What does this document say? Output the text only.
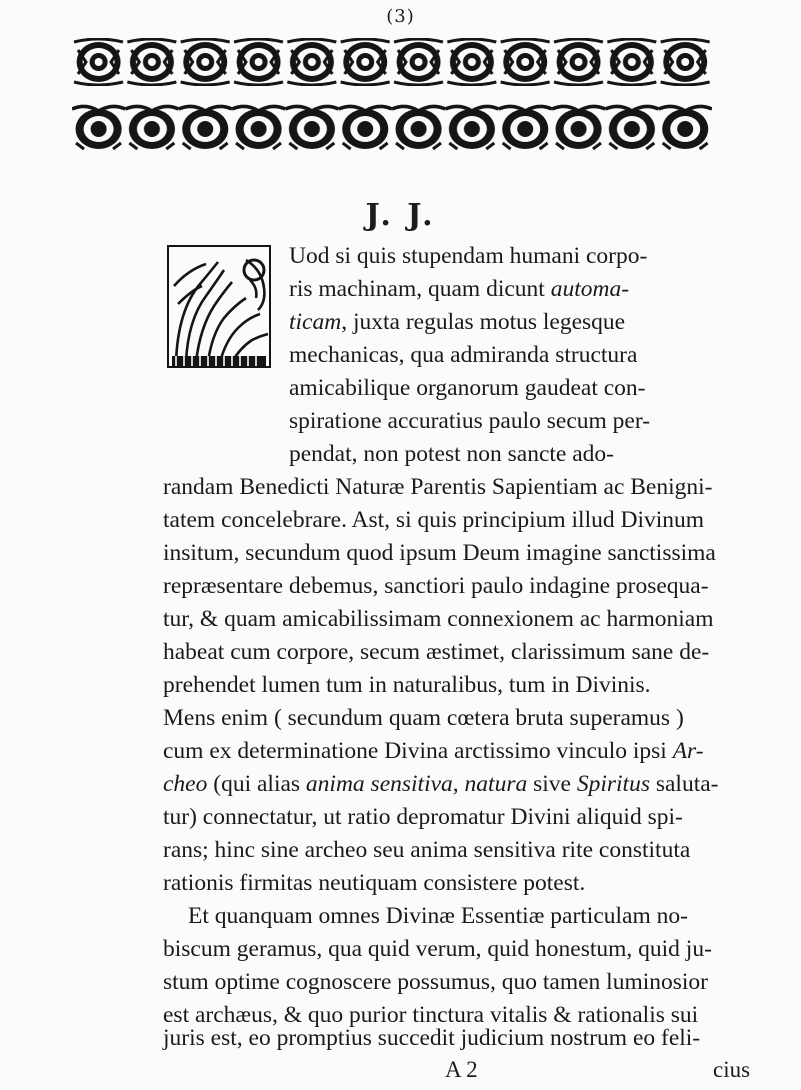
(3)
J. J.
Uod si quis stupendam humani corpo-
ris machinam, quam dicunt automa-
ticam, juxta regulas motus legesque
mechanicas, qua admiranda structura
amicabilique organorum gaudeat con-
spiratione accuratius paulo secum per-
pendat, non potest non sancte ado-
randam Benedicti Naturæ Parentis Sapientiam ac Benigni-
tatem concelebrare. Ast, si quis principium illud Divinum
insitum, secundum quod ipsum Deum imagine sanctissima
repræsentare debemus, sanctiori paulo indagine prosequa-
tur, & quam amicabilissimam connexionem ac harmoniam
habeat cum corpore, secum æstimet, clarissimum sane de-
prehendet lumen tum in naturalibus, tum in Divinis.
Mens enim ( secundum quam cœtera bruta superamus )
cum ex determinatione Divina arctissimo vinculo ipsi Ar-
cheo (qui alias anima sensitiva, natura sive Spiritus saluta-
tur) connectatur, ut ratio depromatur Divini aliquid spi-
rans; hinc sine archeo seu anima sensitiva rite constituta
rationis firmitas neutiquam consistere potest.
Et quanquam omnes Divinæ Essentiæ particulam no-
biscum geramus, qua quid verum, quid honestum, quid ju-
stum optime cognoscere possumus, quo tamen luminosior
est archæus, & quo purior tinctura vitalis & rationalis sui
juris est, eo promptius succedit judicium nostrum eo feli-
A 2	cius
